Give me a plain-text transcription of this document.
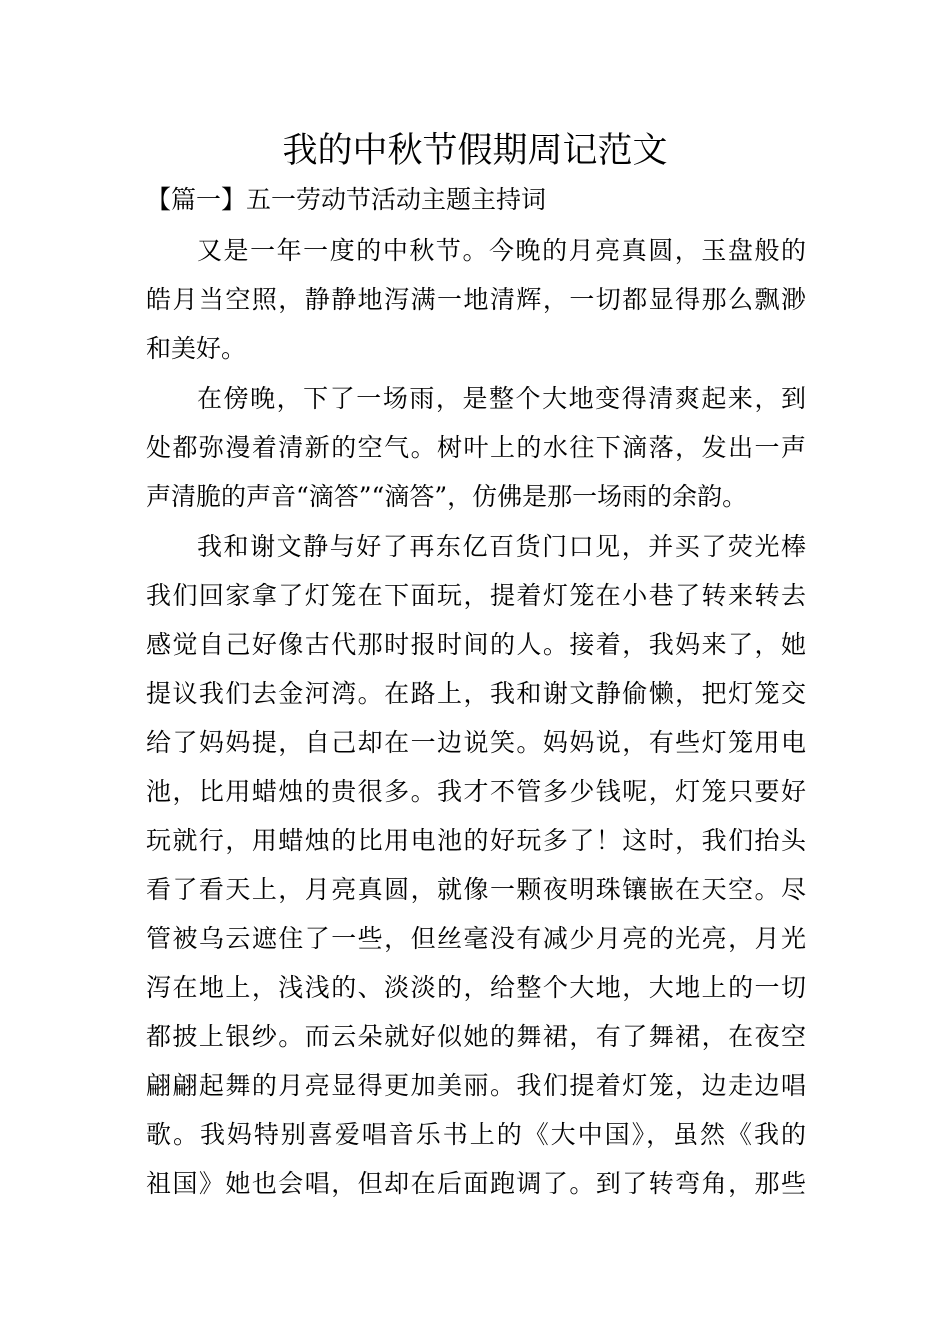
我的中秋节假期周记范文

【篇一】五一劳动节活动主题主持词

又是一年一度的中秋节。今晚的月亮真圆，玉盘般的
皓月当空照，静静地泻满一地清辉，一切都显得那么飘渺
和美好。
在傍晚，下了一场雨，是整个大地变得清爽起来，到
处都弥漫着清新的空气。树叶上的水往下滴落，发出一声
声清脆的声音“滴答”“滴答”，仿佛是那一场雨的余韵。
我和谢文静与好了再东亿百货门口见，并买了荧光棒
我们回家拿了灯笼在下面玩，提着灯笼在小巷了转来转去
感觉自己好像古代那时报时间的人。接着，我妈来了，她
提议我们去金河湾。在路上，我和谢文静偷懒，把灯笼交
给了妈妈提，自己却在一边说笑。妈妈说，有些灯笼用电
池，比用蜡烛的贵很多。我才不管多少钱呢，灯笼只要好
玩就行，用蜡烛的比用电池的好玩多了！这时，我们抬头
看了看天上，月亮真圆，就像一颗夜明珠镶嵌在天空。尽
管被乌云遮住了一些，但丝毫没有减少月亮的光亮，月光
泻在地上，浅浅的、淡淡的，给整个大地，大地上的一切
都披上银纱。而云朵就好似她的舞裙，有了舞裙，在夜空
翩翩起舞的月亮显得更加美丽。我们提着灯笼，边走边唱
歌。我妈特别喜爱唱音乐书上的《大中国》，虽然《我的
祖国》她也会唱，但却在后面跑调了。到了转弯角，那些
